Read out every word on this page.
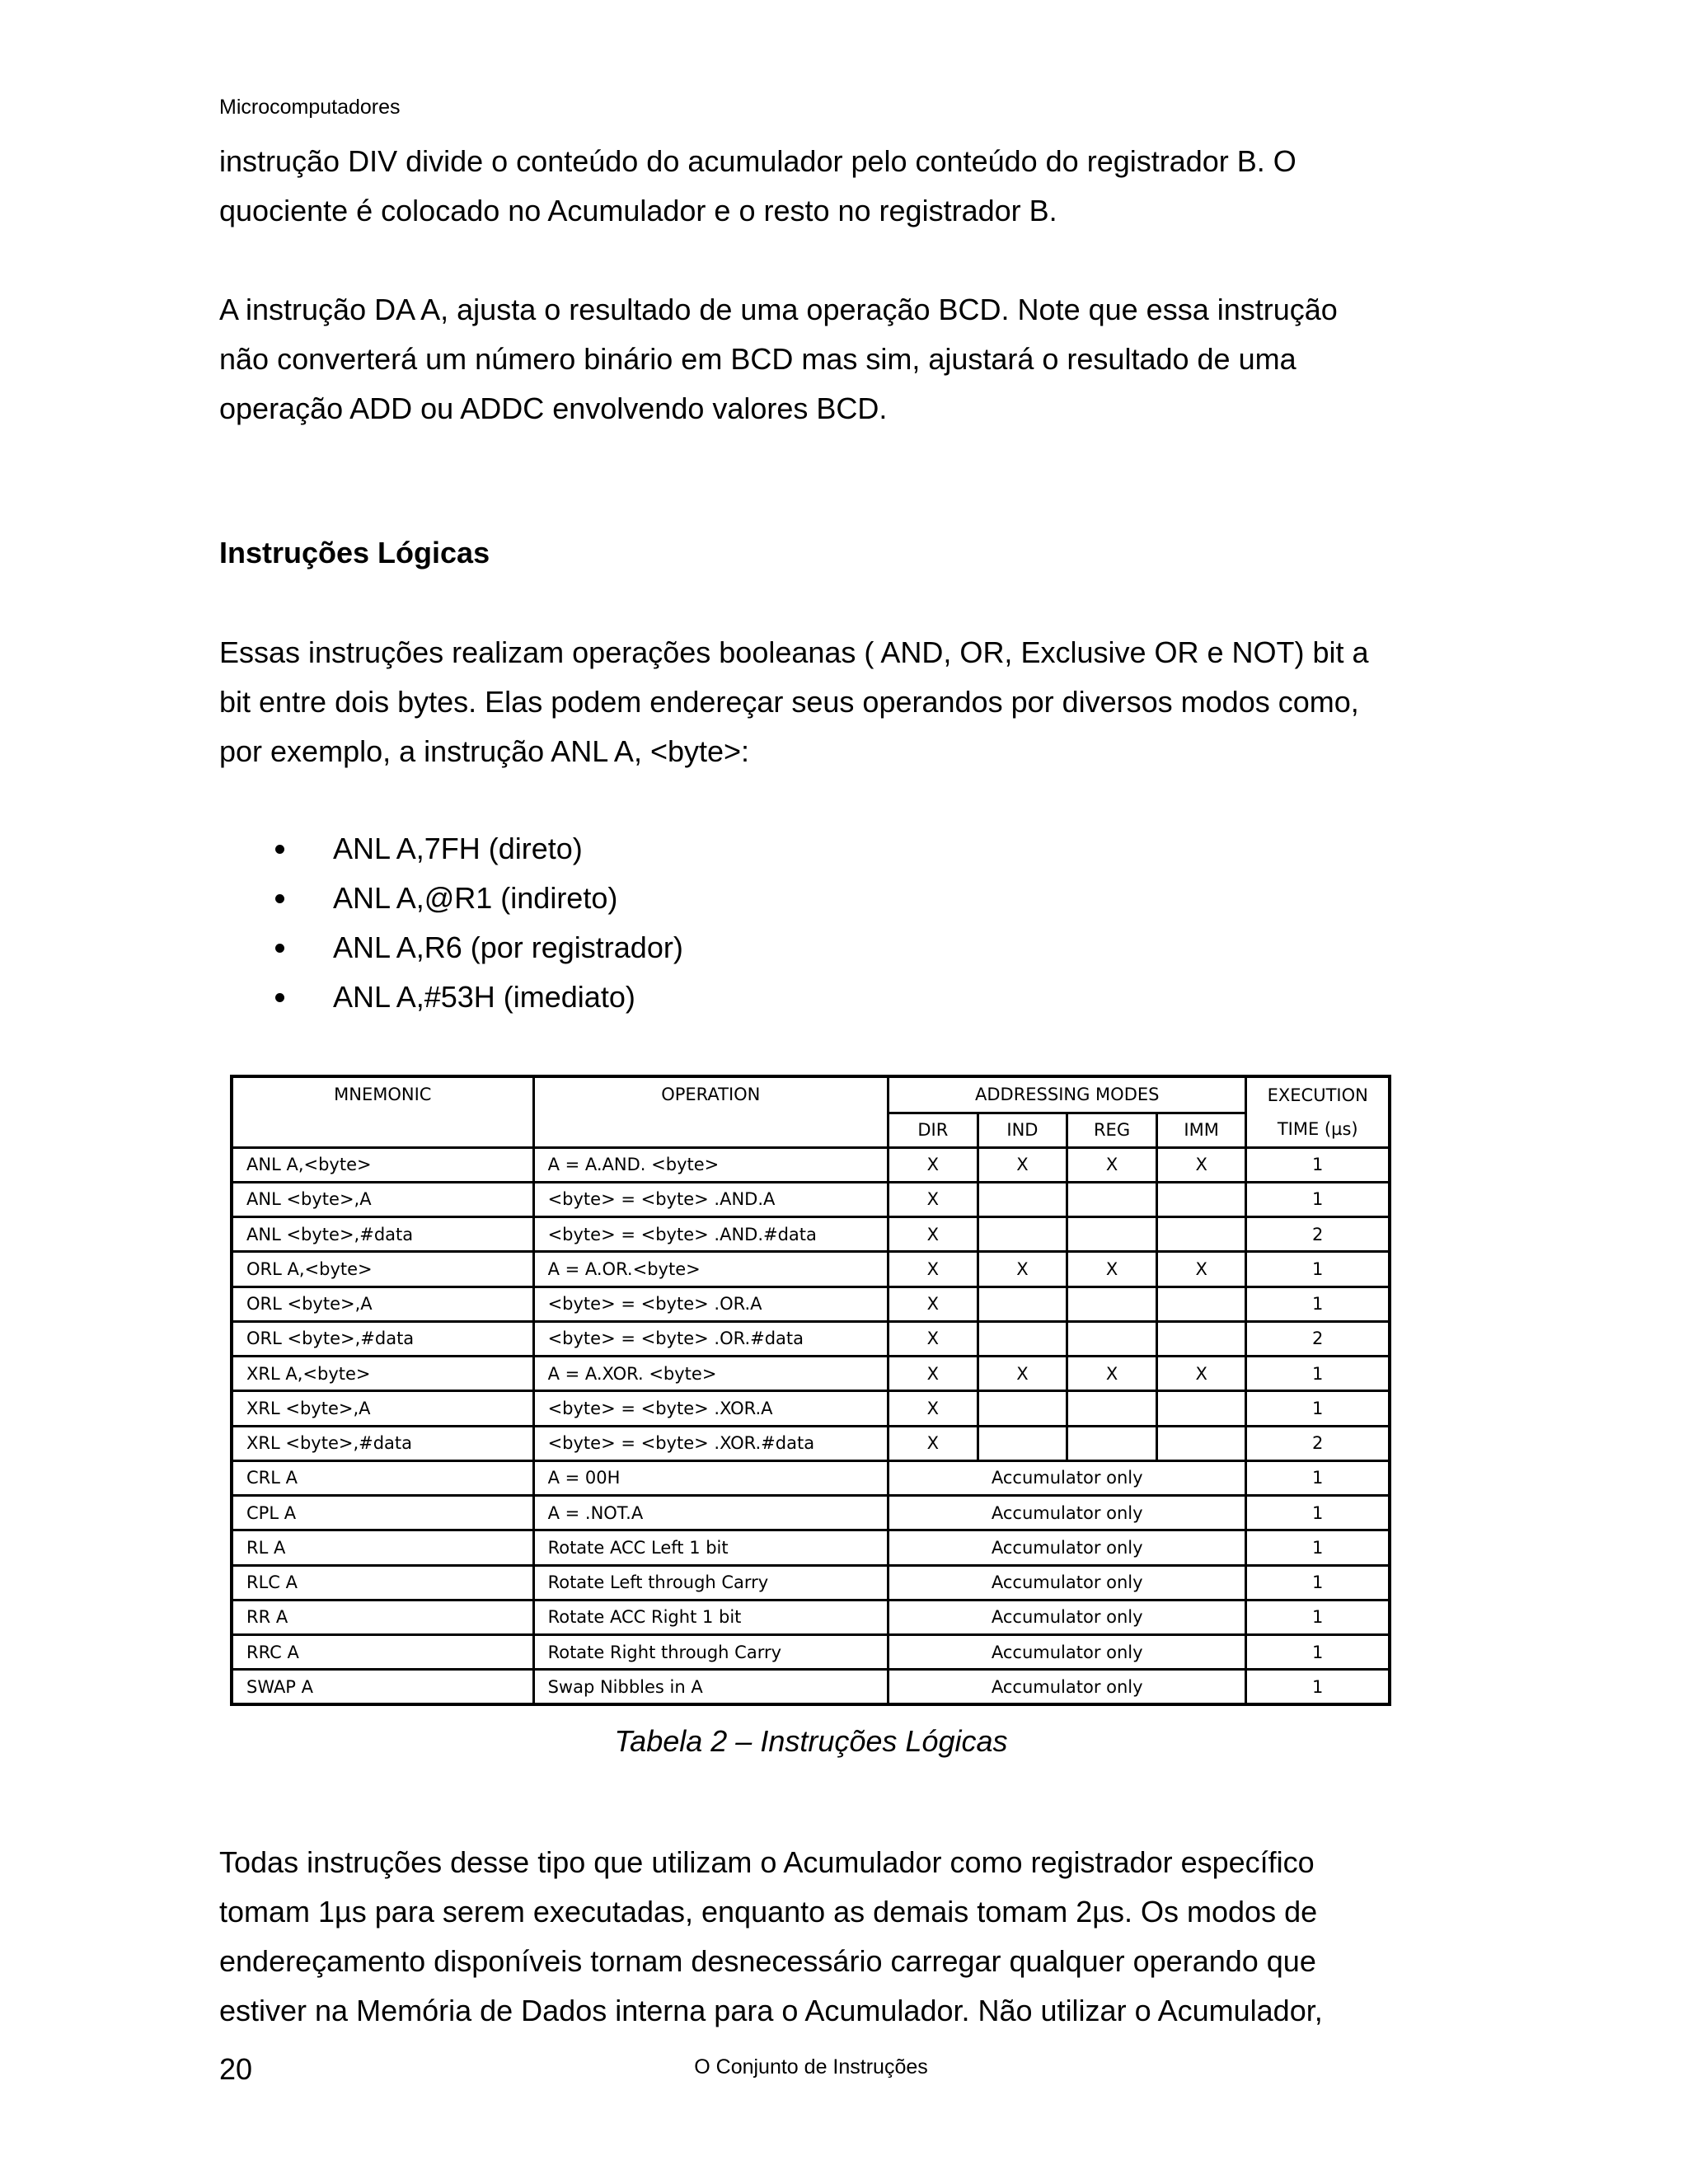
Microcomputadores

instrução DIV divide o conteúdo do acumulador pelo conteúdo do registrador B. O
quociente é colocado no Acumulador e o resto no registrador B.

A instrução DA A, ajusta o resultado de uma operação BCD. Note que essa instrução
não converterá um número binário em BCD mas sim, ajustará o resultado de uma
operação ADD ou ADDC envolvendo valores BCD.

Instruções Lógicas

Essas instruções realizam operações booleanas ( AND, OR, Exclusive OR e NOT) bit a
bit entre dois bytes. Elas podem endereçar seus operandos por diversos modos como,
por exemplo, a instrução ANL A, <byte>:

ANL A,7FH (direto)
ANL A,@R1 (indireto)
ANL A,R6 (por registrador)
ANL A,#53H (imediato)
MNEMONIC	OPERATION	ADDRESSING MODES				EXECUTION
		DIR	IND	REG	IMM	TIME (µs)
ANL A,<byte>	A = A.AND. <byte>	X	X	X	X	1
ANL <byte>,A	<byte> = <byte> .AND.A	X				1
ANL <byte>,#data	<byte> = <byte> .AND.#data	X				2
ORL A,<byte>	A = A.OR.<byte>	X	X	X	X	1
ORL <byte>,A	<byte> = <byte> .OR.A	X				1
ORL <byte>,#data	<byte> = <byte> .OR.#data	X				2
XRL A,<byte>	A = A.XOR. <byte>	X	X	X	X	1
XRL <byte>,A	<byte> = <byte> .XOR.A	X				1
XRL <byte>,#data	<byte> = <byte> .XOR.#data	X				2
CRL A	A = 00H	Accumulator only				1
CPL A	A = .NOT.A	Accumulator only				1
RL A	Rotate ACC Left 1 bit	Accumulator only				1
RLC A	Rotate Left through Carry	Accumulator only				1
RR A	Rotate ACC Right 1 bit	Accumulator only				1
RRC A	Rotate Right through Carry	Accumulator only				1
SWAP A	Swap Nibbles in A	Accumulator only				1
Tabela 2 – Instruções Lógicas

Todas instruções desse tipo que utilizam o Acumulador como registrador específico
tomam 1µs para serem executadas, enquanto as demais tomam 2µs. Os modos de
endereçamento disponíveis tornam desnecessário carregar qualquer operando que
estiver na Memória de Dados interna para o Acumulador. Não utilizar o Acumulador,

20	O Conjunto de Instruções
